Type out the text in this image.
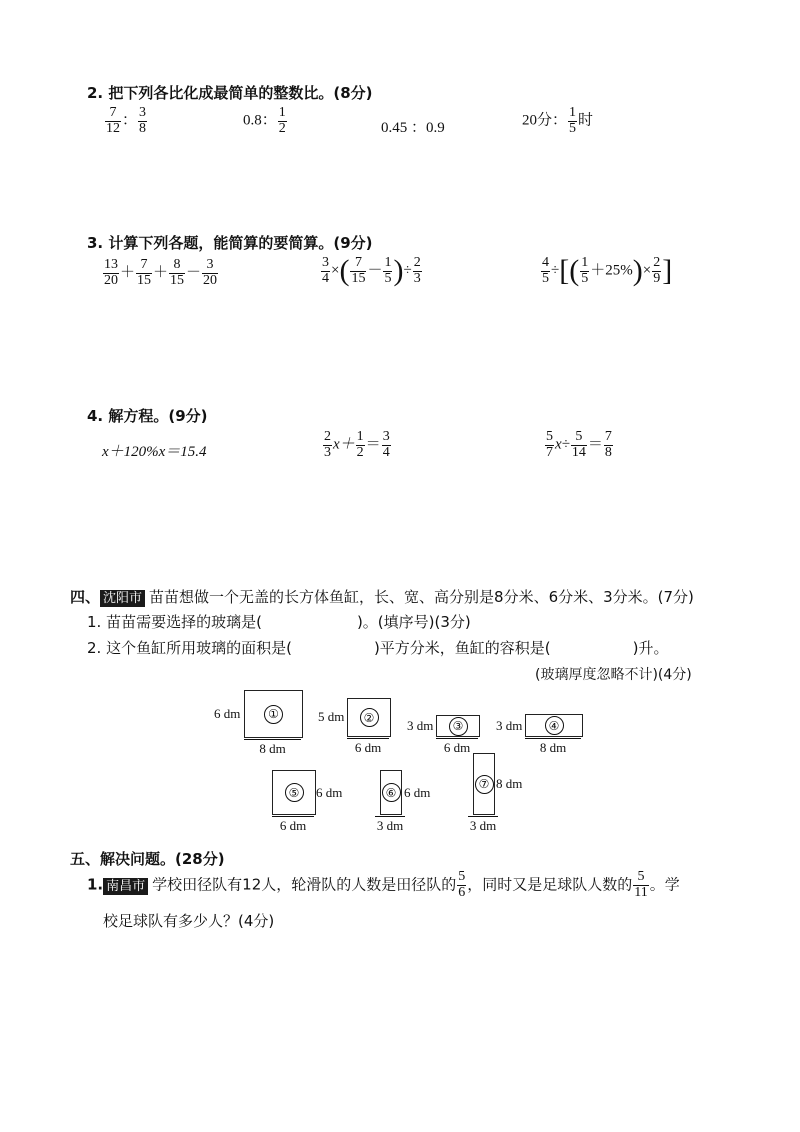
2. 把下列各比化成最简单的整数比。(8分)
$\frac{7}{12}$ ： $\frac{3}{8}$	0.8： $\frac{1}{2}$	0.45 ：0.9	20分： $\frac{1}{5}$ 时
3. 计算下列各题，能简算的要简算。(9分)
$\frac{13}{20} + \frac{7}{15} + \frac{8}{15} - \frac{3}{20}$	$\frac{3}{4}$ ×( $\frac{7}{15} - \frac{1}{5}$ )÷ $\frac{2}{3}$	$\frac{4}{5}$ ÷[( $\frac{1}{5} +25\%)\times \frac{2}{9}$ ]
4. 解方程。(9分)
x＋120%x＝15.4	$\frac{2}{3} x+ \frac{1}{2} = \frac{3}{4}$	$\frac{5}{7} x\div \frac{5}{14} = \frac{7}{8}$
四、 沈阳市 苗苗想做一个无盖的长方体鱼缸，长、宽、高分别是8分米、6分米、3分米。(7分)
1. 苗苗需要选择的玻璃是(	)。(填序号)(3分)
2. 这个鱼缸所用玻璃的面积是(	)平方分米，鱼缸的容积是(	)升。
(玻璃厚度忽略不计)(4分)
①
6 dm
8 dm
②
5 dm
6 dm
③
3 dm
6 dm
④
3 dm
8 dm
⑤	6 dm
6 dm
⑥ 6 dm
3 dm
⑦ 8 dm
3 dm
五、解决问题。(28分)
1. 南昌市 学校田径队有12人，轮滑队的人数是田径队的 $\frac{5}{6}$ ，同时又是足球队人数的 $\frac{5}{11}$ 。学
校足球队有多少人？(4分)
